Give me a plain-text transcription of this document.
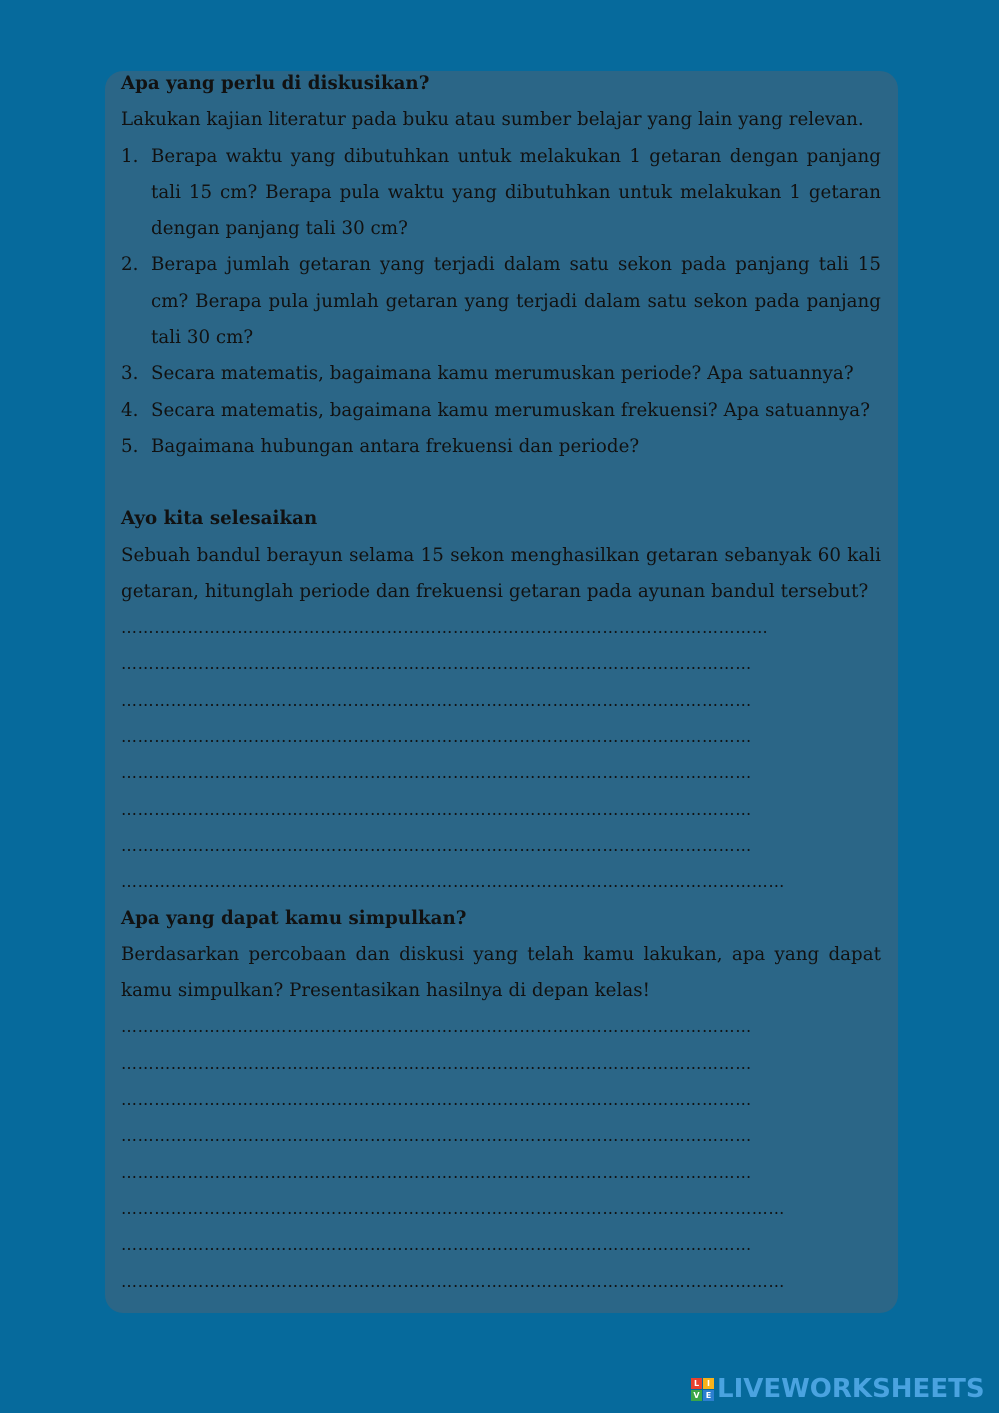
Apa yang perlu di diskusikan?

Lakukan kajian literatur pada buku atau sumber belajar yang lain yang relevan.

1. Berapa waktu yang dibutuhkan untuk melakukan 1 getaran dengan panjang tali 15 cm? Berapa pula waktu yang dibutuhkan untuk melakukan 1 getaran dengan panjang tali 30 cm?
2. Berapa jumlah getaran yang terjadi dalam satu sekon pada panjang tali 15 cm? Berapa pula jumlah getaran yang terjadi dalam satu sekon pada panjang tali 30 cm?
3. Secara matematis, bagaimana kamu merumuskan periode? Apa satuannya?
4. Secara matematis, bagaimana kamu merumuskan frekuensi? Apa satuannya?
5. Bagaimana hubungan antara frekuensi dan periode?

Ayo kita selesaikan

Sebuah bandul berayun selama 15 sekon menghasilkan getaran sebanyak 60 kali getaran, hitunglah periode dan frekuensi getaran pada ayunan bandul tersebut?

………………………………………………………………………………………………………

……………………………………………………………………………………………………

……………………………………………………………………………………………………

……………………………………………………………………………………………………

……………………………………………………………………………………………………

……………………………………………………………………………………………………

……………………………………………………………………………………………………

…………………………………………………………………………………………………………

Apa yang dapat kamu simpulkan?

Berdasarkan percobaan dan diskusi yang telah kamu lakukan, apa yang dapat kamu simpulkan? Presentasikan hasilnya di depan kelas!

……………………………………………………………………………………………………

……………………………………………………………………………………………………

……………………………………………………………………………………………………

……………………………………………………………………………………………………

……………………………………………………………………………………………………

…………………………………………………………………………………………………………

……………………………………………………………………………………………………

…………………………………………………………………………………………………………

L I
V E LIVEWORKSHEETS
